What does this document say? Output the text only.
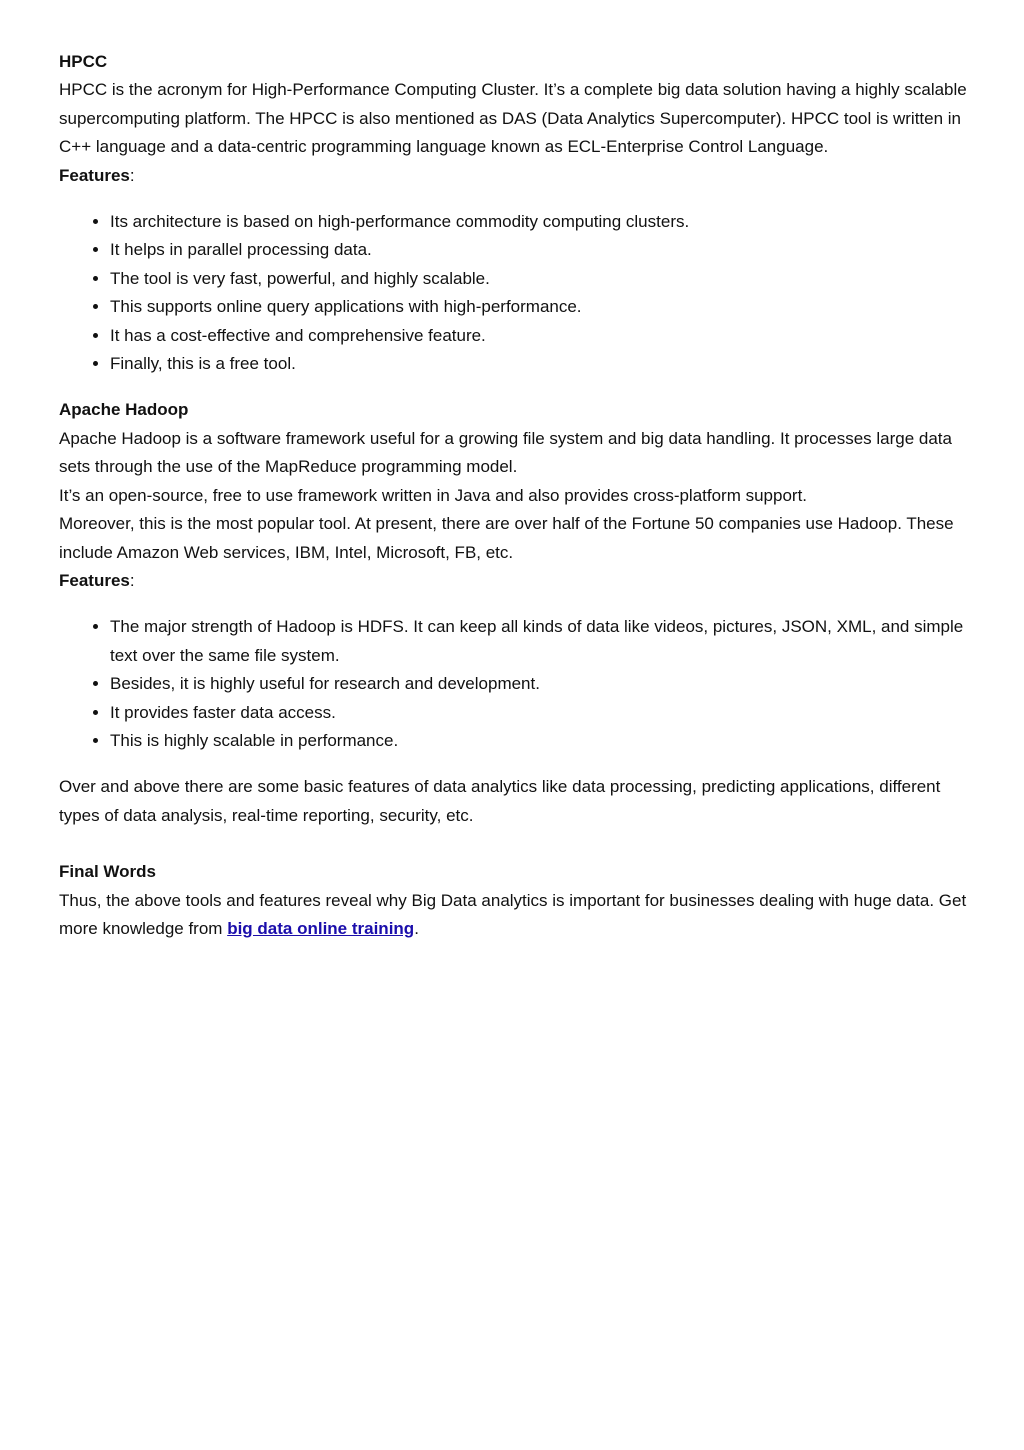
HPCC

HPCC is the acronym for High-Performance Computing Cluster. It’s a complete big data solution having a highly scalable supercomputing platform. The HPCC is also mentioned as DAS (Data Analytics Supercomputer). HPCC tool is written in C++ language and a data-centric programming language known as ECL-Enterprise Control Language.

Features:

• Its architecture is based on high-performance commodity computing clusters.
• It helps in parallel processing data.
• The tool is very fast, powerful, and highly scalable.
• This supports online query applications with high-performance.
• It has a cost-effective and comprehensive feature.
• Finally, this is a free tool.
Apache Hadoop

Apache Hadoop is a software framework useful for a growing file system and big data handling. It processes large data sets through the use of the MapReduce programming model.

It’s an open-source, free to use framework written in Java and also provides cross-platform support.

Moreover, this is the most popular tool. At present, there are over half of the Fortune 50 companies use Hadoop. These include Amazon Web services, IBM, Intel, Microsoft, FB, etc.

Features:

• The major strength of Hadoop is HDFS. It can keep all kinds of data like videos, pictures, JSON, XML, and simple text over the same file system.
• Besides, it is highly useful for research and development.
• It provides faster data access.
• This is highly scalable in performance.

Over and above there are some basic features of data analytics like data processing, predicting applications, different types of data analysis, real-time reporting, security, etc.

Final Words

Thus, the above tools and features reveal why Big Data analytics is important for businesses dealing with huge data. Get more knowledge from big data online training.
